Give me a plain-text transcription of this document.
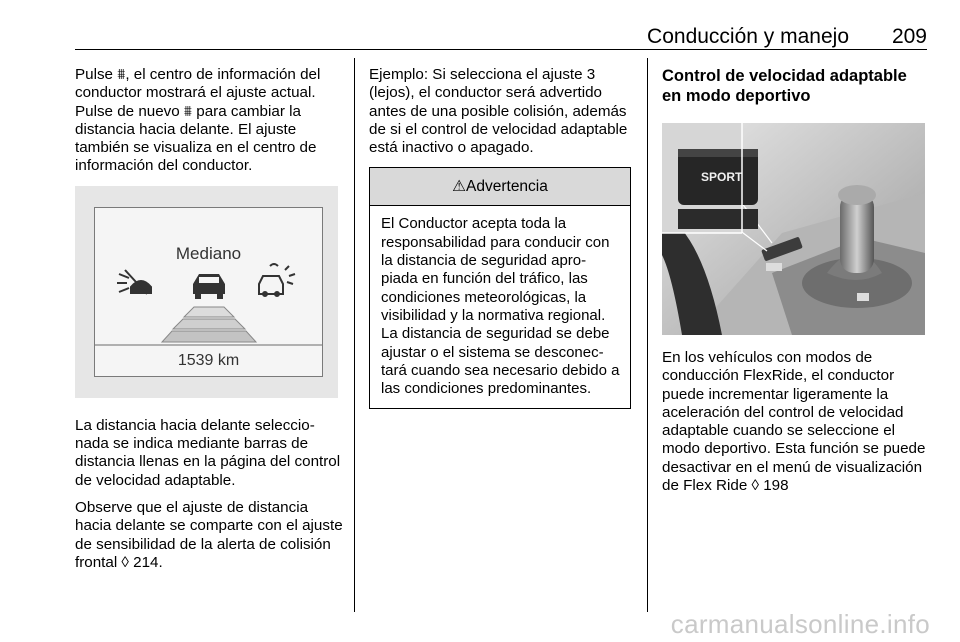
Conducción y manejo 209

Pulse ⩩, el centro de información del conductor mostrará el ajuste actual. Pulse de nuevo ⩩ para cambiar la distancia hacia delante. El ajuste también se visualiza en el centro de información del conductor.

Mediano
1539 km

La distancia hacia delante seleccio-nada se indica mediante barras de distancia llenas en la página del control de velocidad adaptable.

Observe que el ajuste de distancia hacia delante se comparte con el ajuste de sensibilidad de la alerta de colisión frontal ◊ 214.

Ejemplo: Si selecciona el ajuste 3 (lejos), el conductor será advertido antes de una posible colisión, además de si el control de velocidad adaptable está inactivo o apagado.

⚠Advertencia

El Conductor acepta toda la responsabilidad para conducir con la distancia de seguridad apro-piada en función del tráfico, las condiciones meteorológicas, la visibilidad y la normativa regional. La distancia de seguridad se debe ajustar o el sistema se desconec-tará cuando sea necesario debido a las condiciones predominantes.

Control de velocidad adaptable en modo deportivo
SPORT

En los vehículos con modos de conducción FlexRide, el conductor puede incrementar ligeramente la aceleración del control de velocidad adaptable cuando se seleccione el modo deportivo. Esta función se puede desactivar en el menú de visualización de Flex Ride ◊ 198

carmanualsonline.info
